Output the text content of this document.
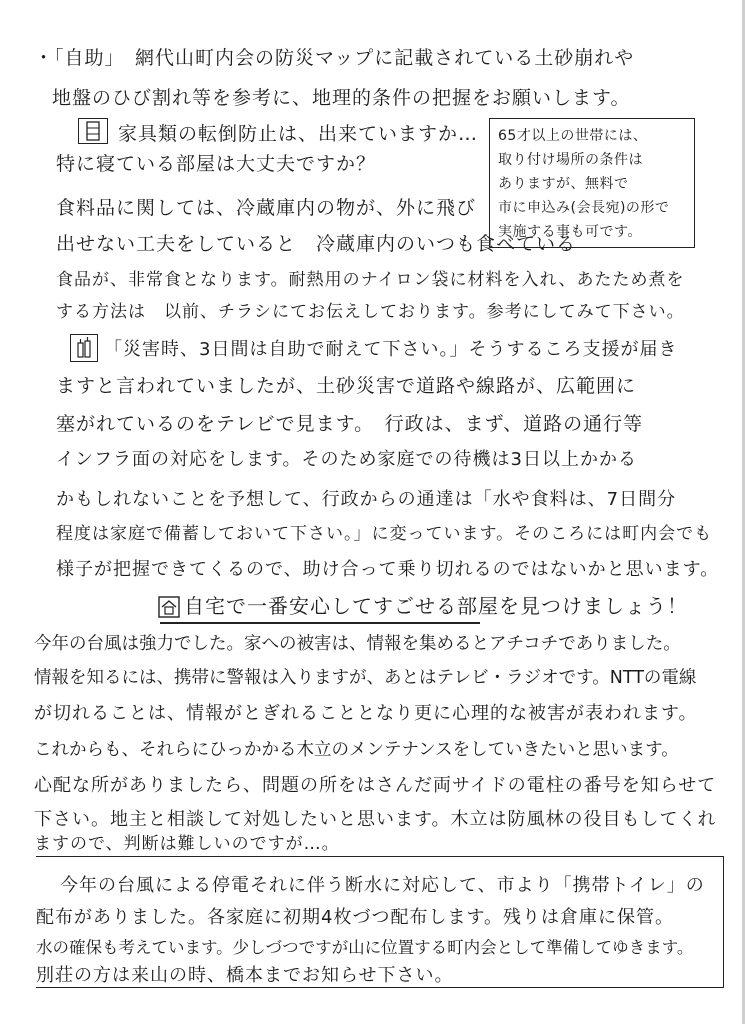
・「自助」　網代山町内会の防災マップに記載されている土砂崩れや
地盤のひび割れ等を参考に、地理的条件の把握をお願いします。
家具類の転倒防止は、出来ていますか…
特に寝ている部屋は大丈夫ですか？
食料品に関しては、冷蔵庫内の物が、外に飛び
出せない工夫をしていると　冷蔵庫内のいつも食べている
65才以上の世帯には、
取り付け場所の条件は
ありますが、無料で
市に申込み(会長宛)の形で
実施する事も可です。
食品が、非常食となります。耐熱用のナイロン袋に材料を入れ、あたため煮を
する方法は　以前、チラシにてお伝えしております。参考にしてみて下さい。
「災害時、3日間は自助で耐えて下さい。」そうするころ支援が届き
ますと言われていましたが、土砂災害で道路や線路が、広範囲に
塞がれているのをテレビで見ます。　行政は、まず、道路の通行等
インフラ面の対応をします。そのため家庭での待機は3日以上かかる
かもしれないことを予想して、行政からの通達は「水や食料は、7日間分
程度は家庭で備蓄しておいて下さい。」に変っています。そのころには町内会でも
様子が把握できてくるので、助け合って乗り切れるのではないかと思います。
自宅で一番安心してすごせる部屋を見つけましょう！
今年の台風は強力でした。家への被害は、情報を集めるとアチコチでありました。
情報を知るには、携帯に警報は入りますが、あとはテレビ・ラジオです。NTTの電線
が切れることは、情報がとぎれることとなり更に心理的な被害が表われます。
これからも、それらにひっかかる木立のメンテナンスをしていきたいと思います。
心配な所がありましたら、問題の所をはさんだ両サイドの電柱の番号を知らせて
下さい。地主と相談して対処したいと思います。木立は防風林の役目もしてくれ
ますので、判断は難しいのですが…。
今年の台風による停電それに伴う断水に対応して、市より「携帯トイレ」の
配布がありました。各家庭に初期4枚づつ配布します。残りは倉庫に保管。
水の確保も考えています。少しづつですが山に位置する町内会として準備してゆきます。
別荘の方は来山の時、橋本までお知らせ下さい。
